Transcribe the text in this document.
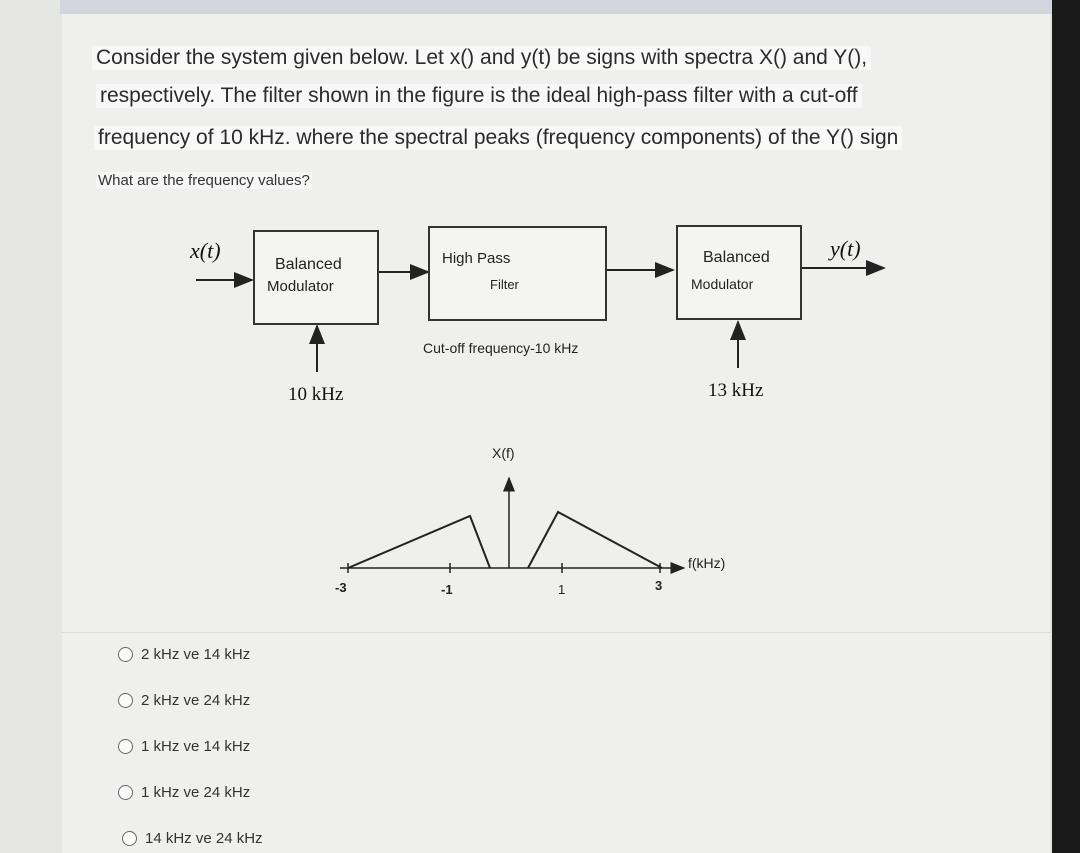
Consider the system given below. Let x() and y(t) be signs with spectra X() and Y(),
respectively. The filter shown in the figure is the ideal high-pass filter with a cut-off
frequency of 10 kHz. where the spectral peaks (frequency components) of the Y() sign
What are the frequency values?
x(t)	y(t)
Balanced
Modulator
High Pass
Filter
Balanced
Modulator
10 kHz
Cut-off frequency-10 kHz
13 kHz
X(f)
f(kHz)
-3	-1	1	3
2 kHz ve 14 kHz
2 kHz ve 24 kHz
1 kHz ve 14 kHz
1 kHz ve 24 kHz
14 kHz ve 24 kHz
